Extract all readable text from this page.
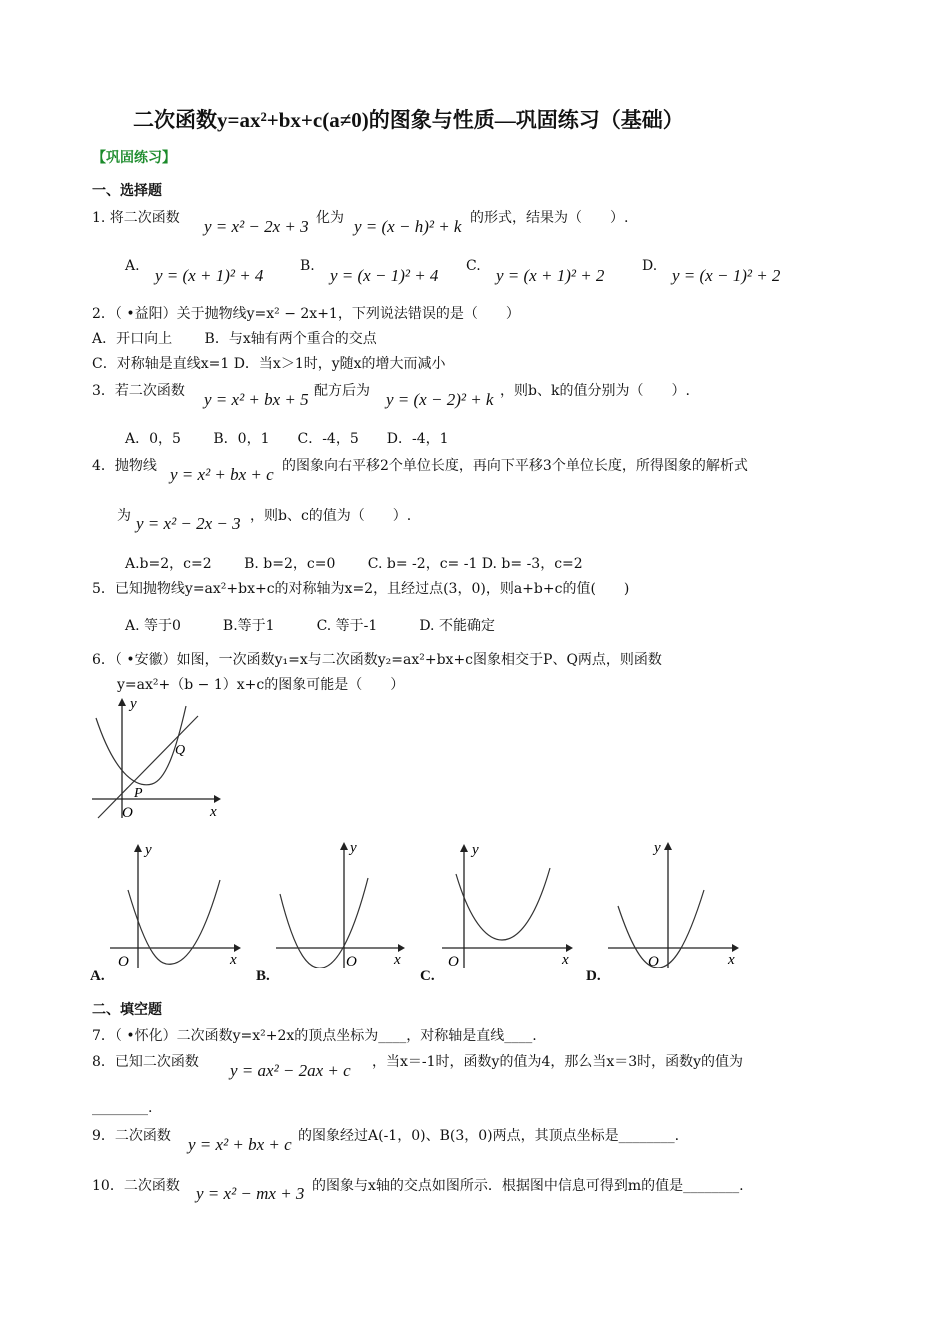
二次函数y=ax²+bx+c(a≠0)的图象与性质—巩固练习（基础）
【巩固练习】
一、选择题
1. 将二次函数 y = x² − 2x + 3 化为 y = (x − h)² + k 的形式，结果为（　　）.
A. y = (x + 1)² + 4	B. y = (x − 1)² + 4 C. y = (x + 1)² + 2	D. y = (x − 1)² + 2
2．（ •益阳）关于抛物线y=x² − 2x+1，下列说法错误的是（　　）
A．开口向上　　 B．与x轴有两个重合的交点
C．对称轴是直线x=1 D．当x＞1时，y随x的增大而减小
3．若二次函数 y = x² + bx + 5 配方后为 y = (x − 2)² + k ，则b、k的值分别为（　　）.
A．0，5　　 B．0，1　　C．-4，5　　D．-4，1
4．抛物线 y = x² + bx + c 的图象向右平移2个单位长度，再向下平移3个单位长度，所得图象的解析式
为 y = x² − 2x − 3 ，则b、c的值为（　　）.
A.b=2，c=2　　 B. b=2，c=0　　 C. b= -2，c= -1 D. b= -3，c=2
5．已知抛物线y=ax²+bx+c的对称轴为x=2，且经过点(3，0)，则a+b+c的值(　　)
A. 等于0　　　B.等于1　　　C. 等于-1　　　D. 不能确定
6．（ •安徽）如图，一次函数y₁=x与二次函数y₂=ax²+bx+c图象相交于P、Q两点，则函数
y=ax²+（b − 1）x+c的图象可能是（　　）
y
x
O
P
Q
y
x
O
A.
y
x
O
B.
y
x
O
C.
y
x
O
D.
二、填空题
7．（ •怀化）二次函数y=x²+2x的顶点坐标为____，对称轴是直线____.
8．已知二次函数 y = ax² − 2ax + c ，当x＝-1时，函数y的值为4，那么当x＝3时，函数y的值为
________.
9．二次函数 y = x² + bx + c 的图象经过A(-1，0)、B(3，0)两点，其顶点坐标是________.
10．二次函数 y = x² − mx + 3 的图象与x轴的交点如图所示．根据图中信息可得到m的值是________.
